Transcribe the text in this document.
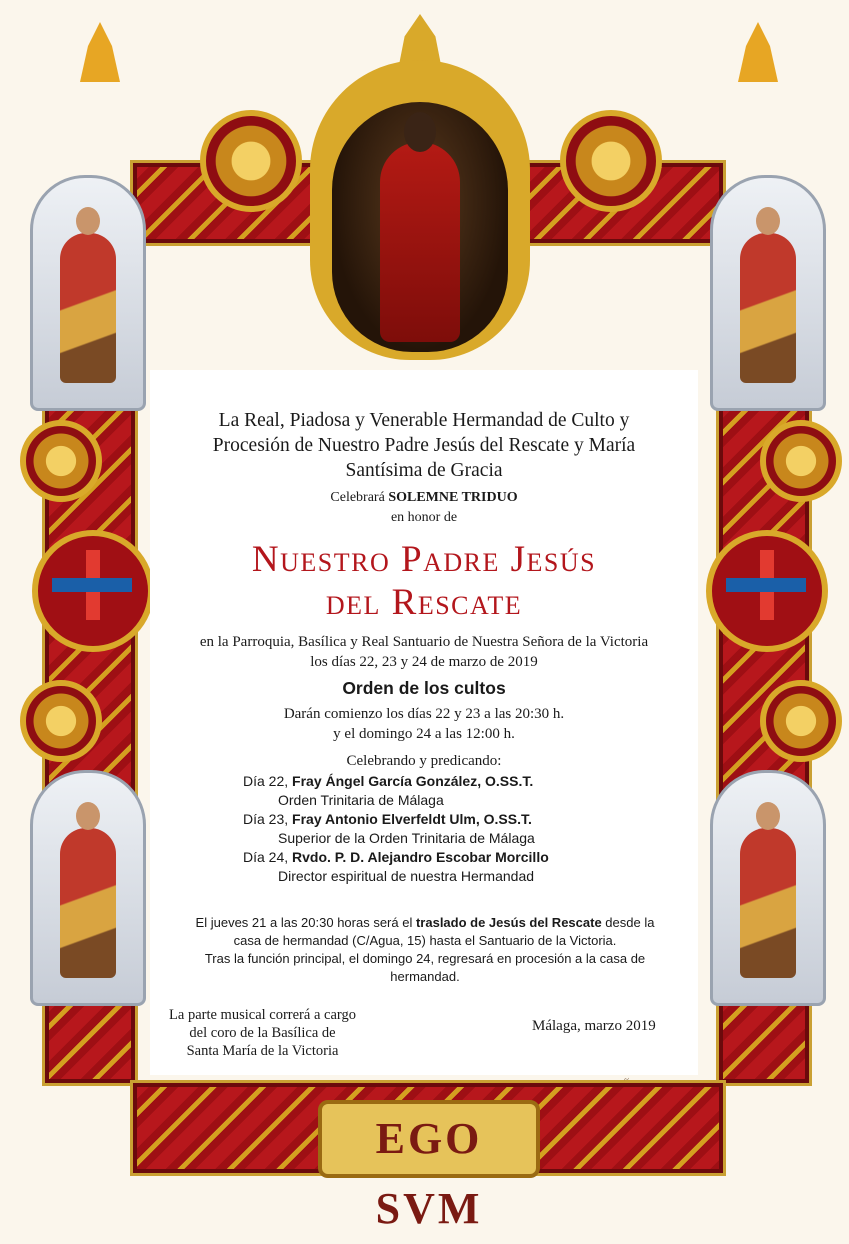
EGO SVM
~
La Real, Piadosa y Venerable Hermandad de Culto y
Procesión de Nuestro Padre Jesús del Rescate y María
Santísima de Gracia
Celebrará SOLEMNE TRIDUO
en honor de
Nuestro Padre Jesús
del Rescate
en la Parroquia, Basílica y Real Santuario de Nuestra Señora de la Victoria
los días 22, 23 y 24 de marzo de 2019
Orden de los cultos
Darán comienzo los días 22 y 23 a las 20:30 h.
y el domingo 24 a las 12:00 h.
Celebrando y predicando:
Día 22, Fray Ángel García González, O.SS.T.
Orden Trinitaria de Málaga
Día 23, Fray Antonio Elverfeldt Ulm, O.SS.T.
Superior de la Orden Trinitaria de Málaga
Día 24, Rvdo. P. D. Alejandro Escobar Morcillo
Director espiritual de nuestra Hermandad
El jueves 21 a las 20:30 horas será el traslado de Jesús del Rescate desde la
casa de hermandad (C/Agua, 15) hasta el Santuario de la Victoria.
Tras la función principal, el domingo 24, regresará en procesión a la casa de
hermandad.
La parte musical correrá a cargo
del coro de la Basílica de
Santa María de la Victoria
Málaga, marzo 2019
